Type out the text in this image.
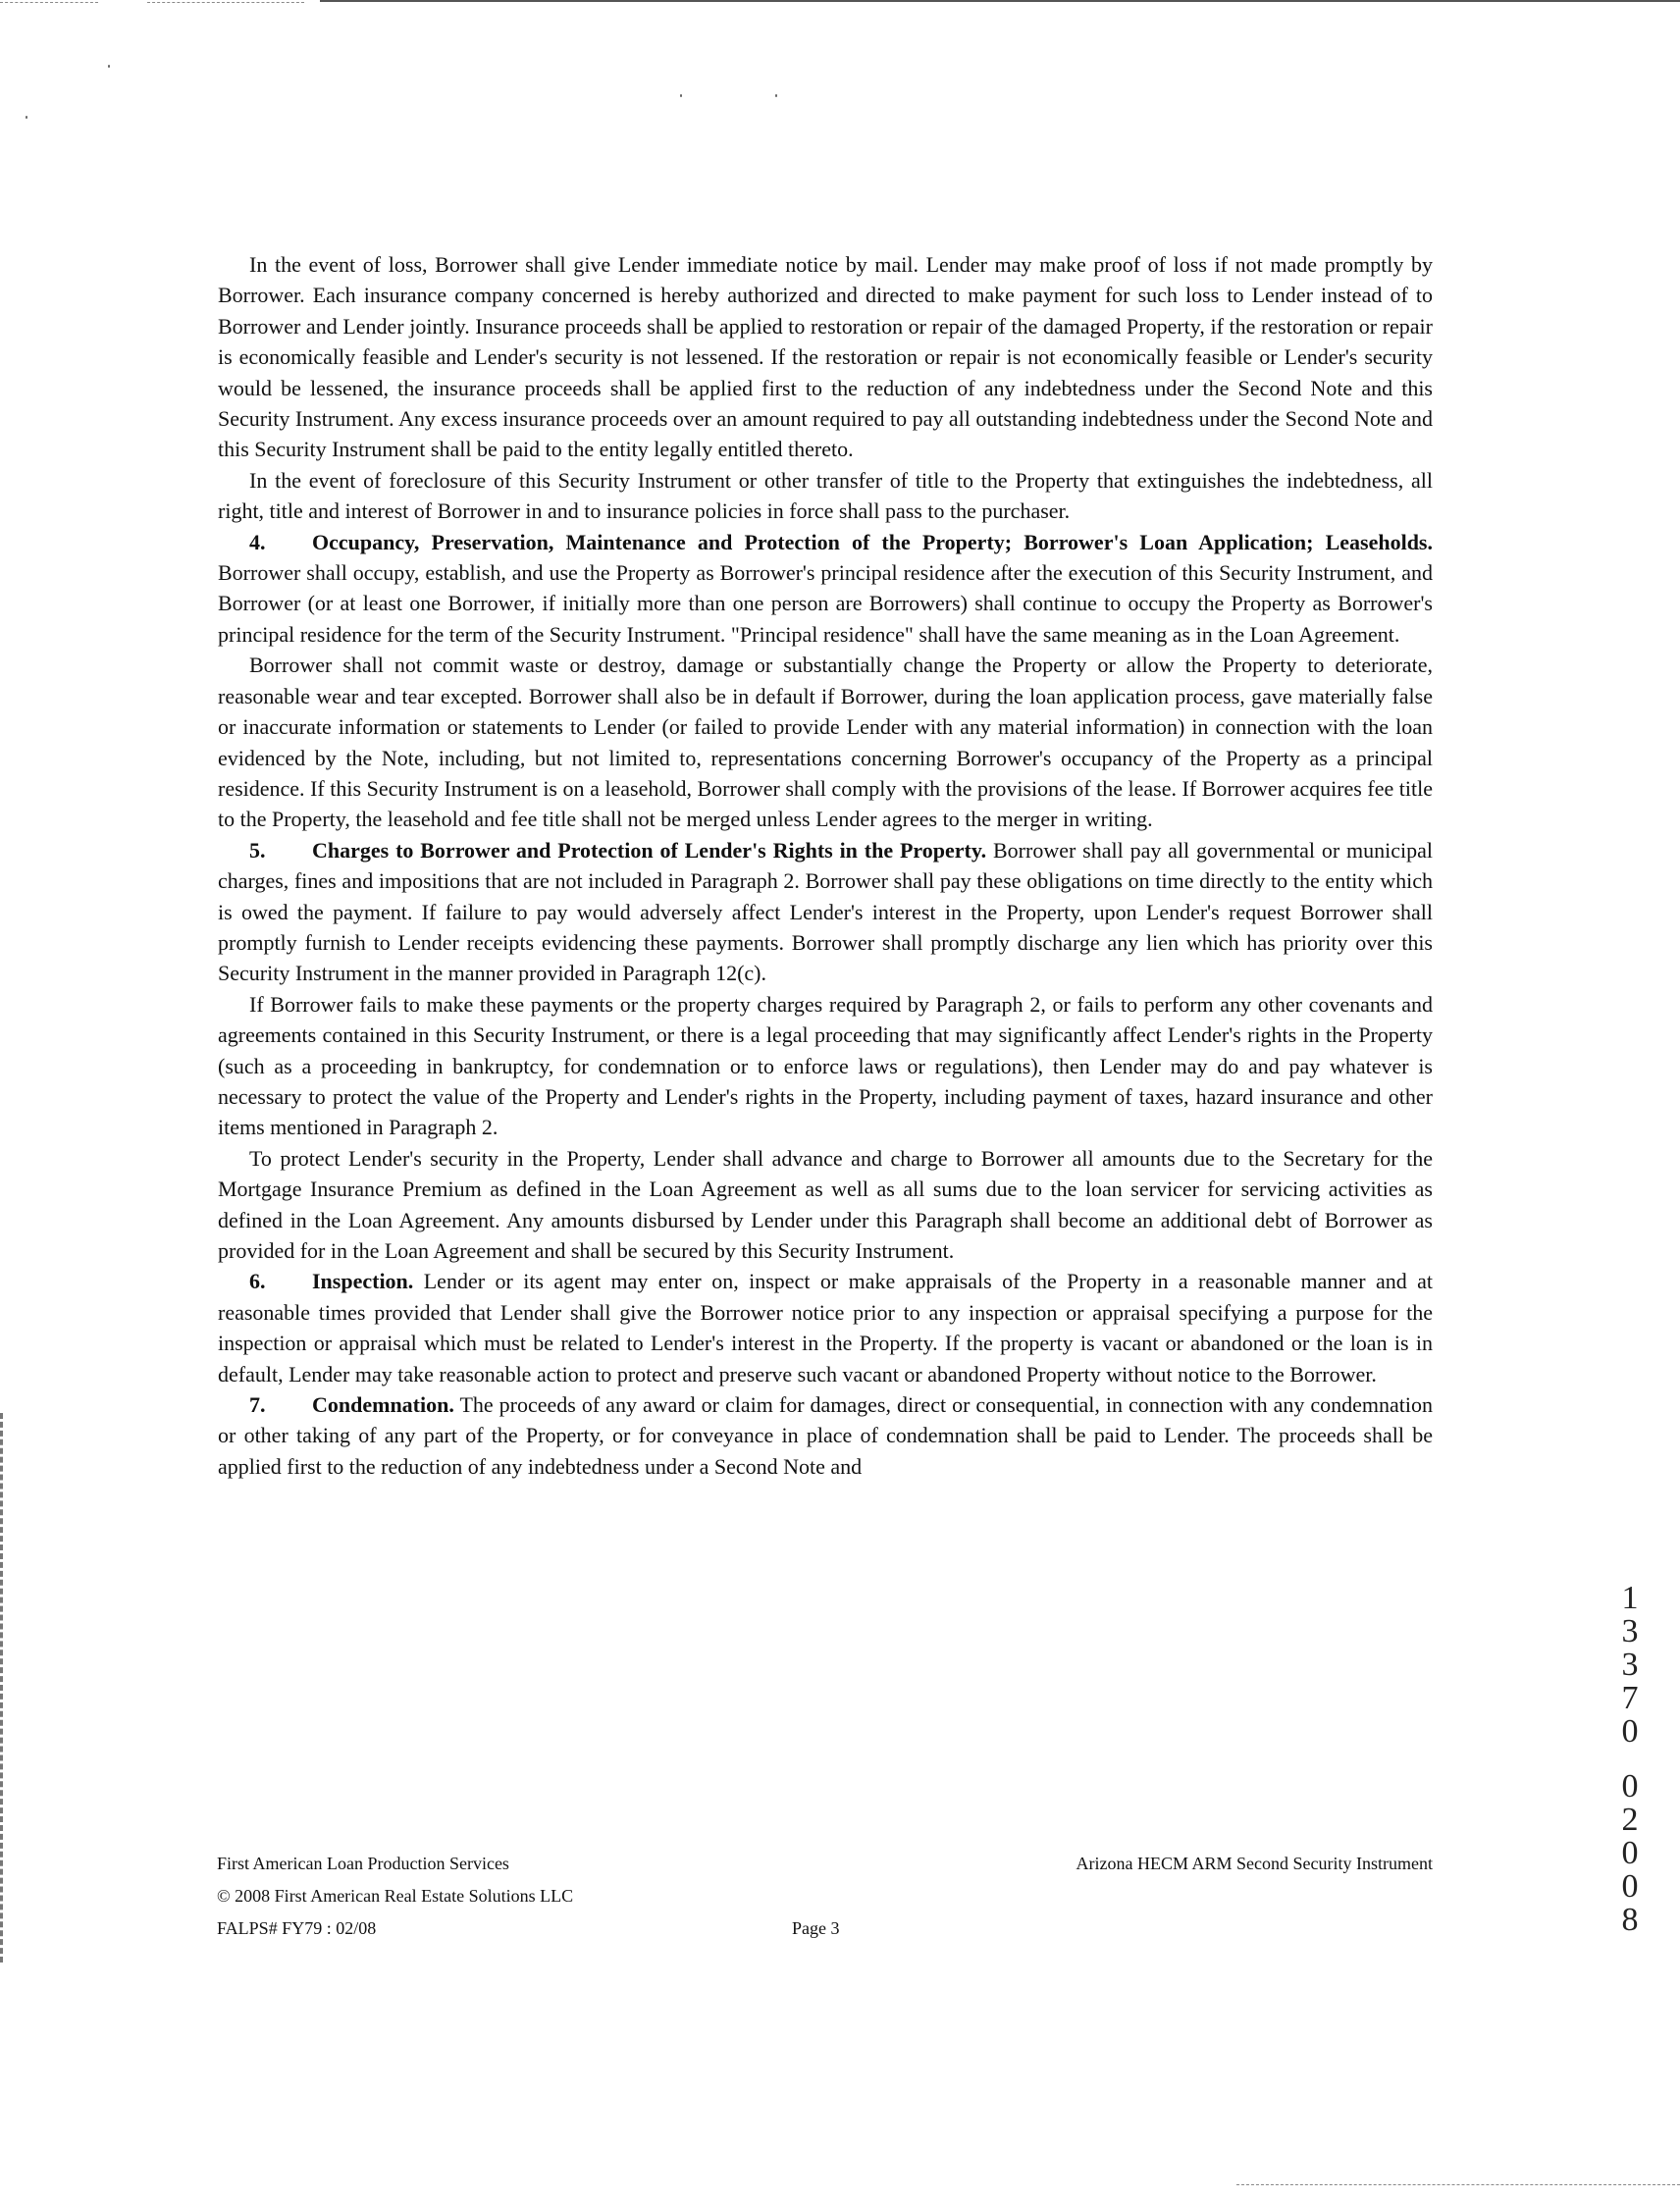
In the event of loss, Borrower shall give Lender immediate notice by mail. Lender may make proof of loss if not made promptly by Borrower. Each insurance company concerned is hereby authorized and directed to make payment for such loss to Lender instead of to Borrower and Lender jointly. Insurance proceeds shall be applied to restoration or repair of the damaged Property, if the restoration or repair is economically feasible and Lender's security is not lessened. If the restoration or repair is not economically feasible or Lender's security would be lessened, the insurance proceeds shall be applied first to the reduction of any indebtedness under the Second Note and this Security Instrument. Any excess insurance proceeds over an amount required to pay all outstanding indebtedness under the Second Note and this Security Instrument shall be paid to the entity legally entitled thereto.

In the event of foreclosure of this Security Instrument or other transfer of title to the Property that extinguishes the indebtedness, all right, title and interest of Borrower in and to insurance policies in force shall pass to the purchaser.

4. Occupancy, Preservation, Maintenance and Protection of the Property; Borrower's Loan Application; Leaseholds. Borrower shall occupy, establish, and use the Property as Borrower's principal residence after the execution of this Security Instrument, and Borrower (or at least one Borrower, if initially more than one person are Borrowers) shall continue to occupy the Property as Borrower's principal residence for the term of the Security Instrument. "Principal residence" shall have the same meaning as in the Loan Agreement.

Borrower shall not commit waste or destroy, damage or substantially change the Property or allow the Property to deteriorate, reasonable wear and tear excepted. Borrower shall also be in default if Borrower, during the loan application process, gave materially false or inaccurate information or statements to Lender (or failed to provide Lender with any material information) in connection with the loan evidenced by the Note, including, but not limited to, representations concerning Borrower's occupancy of the Property as a principal residence. If this Security Instrument is on a leasehold, Borrower shall comply with the provisions of the lease. If Borrower acquires fee title to the Property, the leasehold and fee title shall not be merged unless Lender agrees to the merger in writing.

5. Charges to Borrower and Protection of Lender's Rights in the Property. Borrower shall pay all governmental or municipal charges, fines and impositions that are not included in Paragraph 2. Borrower shall pay these obligations on time directly to the entity which is owed the payment. If failure to pay would adversely affect Lender's interest in the Property, upon Lender's request Borrower shall promptly furnish to Lender receipts evidencing these payments. Borrower shall promptly discharge any lien which has priority over this Security Instrument in the manner provided in Paragraph 12(c).

If Borrower fails to make these payments or the property charges required by Paragraph 2, or fails to perform any other covenants and agreements contained in this Security Instrument, or there is a legal proceeding that may significantly affect Lender's rights in the Property (such as a proceeding in bankruptcy, for condemnation or to enforce laws or regulations), then Lender may do and pay whatever is necessary to protect the value of the Property and Lender's rights in the Property, including payment of taxes, hazard insurance and other items mentioned in Paragraph 2.

To protect Lender's security in the Property, Lender shall advance and charge to Borrower all amounts due to the Secretary for the Mortgage Insurance Premium as defined in the Loan Agreement as well as all sums due to the loan servicer for servicing activities as defined in the Loan Agreement. Any amounts disbursed by Lender under this Paragraph shall become an additional debt of Borrower as provided for in the Loan Agreement and shall be secured by this Security Instrument.

6. Inspection. Lender or its agent may enter on, inspect or make appraisals of the Property in a reasonable manner and at reasonable times provided that Lender shall give the Borrower notice prior to any inspection or appraisal specifying a purpose for the inspection or appraisal which must be related to Lender's interest in the Property. If the property is vacant or abandoned or the loan is in default, Lender may take reasonable action to protect and preserve such vacant or abandoned Property without notice to the Borrower.

7. Condemnation. The proceeds of any award or claim for damages, direct or consequential, in connection with any condemnation or other taking of any part of the Property, or for conveyance in place of condemnation shall be paid to Lender. The proceeds shall be applied first to the reduction of any indebtedness under a Second Note and

First American Loan Production Services
© 2008 First American Real Estate Solutions LLC
FALPS# FY79 : 02/08	Page 3
Arizona HECM ARM Second Security Instrument
1
3
3
7
0
0
2
0
0
8
